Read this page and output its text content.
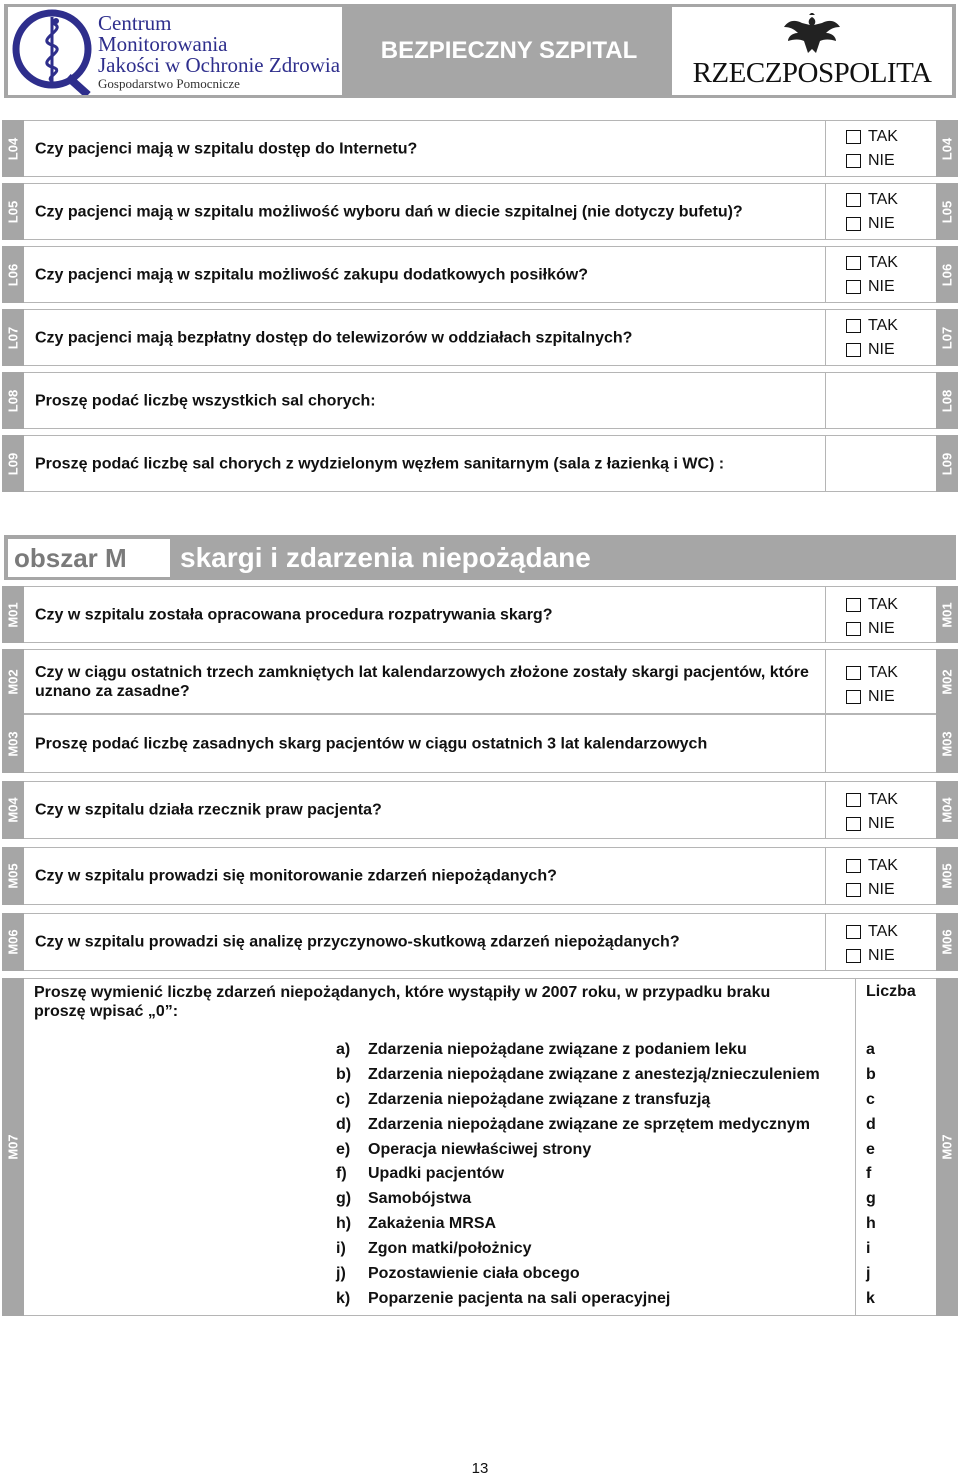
Centrum
Monitorowania
Jakości w Ochronie Zdrowia
Gospodarstwo Pomocnicze
BEZPIECZNY SZPITAL
RZECZPOSPOLITA
L04 Czy pacjenci mają w szpitalu dostęp do Internetu?
TAK
NIE
L04
L05 Czy pacjenci mają w szpitalu możliwość wyboru dań w diecie szpitalnej (nie dotyczy bufetu)?
TAK
NIE
L05
L06 Czy pacjenci mają w szpitalu możliwość zakupu dodatkowych posiłków?
TAK
NIE
L06
L07 Czy pacjenci mają bezpłatny dostęp do telewizorów w oddziałach szpitalnych?
TAK
NIE
L07
L08 Proszę podać liczbę wszystkich sal chorych:	L08
L09 Proszę podać liczbę sal chorych z wydzielonym węzłem sanitarnym (sala z łazienką i WC) :	L09
obszar M	skargi i zdarzenia niepożądane
M01 Czy w szpitalu została opracowana procedura rozpatrywania skarg?
TAK
NIE
M01
M02 Czy w ciągu ostatnich trzech zamkniętych lat kalendarzowych złożone zostały skargi pacjentów, które uznano za zasadne?
TAK
NIE
M02
M03 Proszę podać liczbę zasadnych skarg pacjentów w ciągu ostatnich 3 lat kalendarzowych	M03
M04 Czy w szpitalu działa rzecznik praw pacjenta?
TAK
NIE
M04
M05 Czy w szpitalu prowadzi się monitorowanie zdarzeń niepożądanych?
TAK
NIE
M05
M06 Czy w szpitalu prowadzi się analizę przyczynowo-skutkową zdarzeń niepożądanych?
TAK
NIE
M06
M07	M07
Proszę wymienić liczbę zdarzeń niepożądanych, które wystąpiły w 2007 roku, w przypadku braku proszę wpisać „0”:
Liczba
a) Zdarzenia niepożądane związane z podaniem leku
b) Zdarzenia niepożądane związane z anestezją/znieczuleniem
c) Zdarzenia niepożądane związane z transfuzją
d) Zdarzenia niepożądane związane ze sprzętem medycznym
e) Operacja niewłaściwej strony
f) Upadki pacjentów
g) Samobójstwa
h) Zakażenia MRSA
i) Zgon matki/położnicy
j) Pozostawienie ciała obcego
k) Poparzenie pacjenta na sali operacyjnej
a
b
c
d
e
f
g
h
i
j
k
13
